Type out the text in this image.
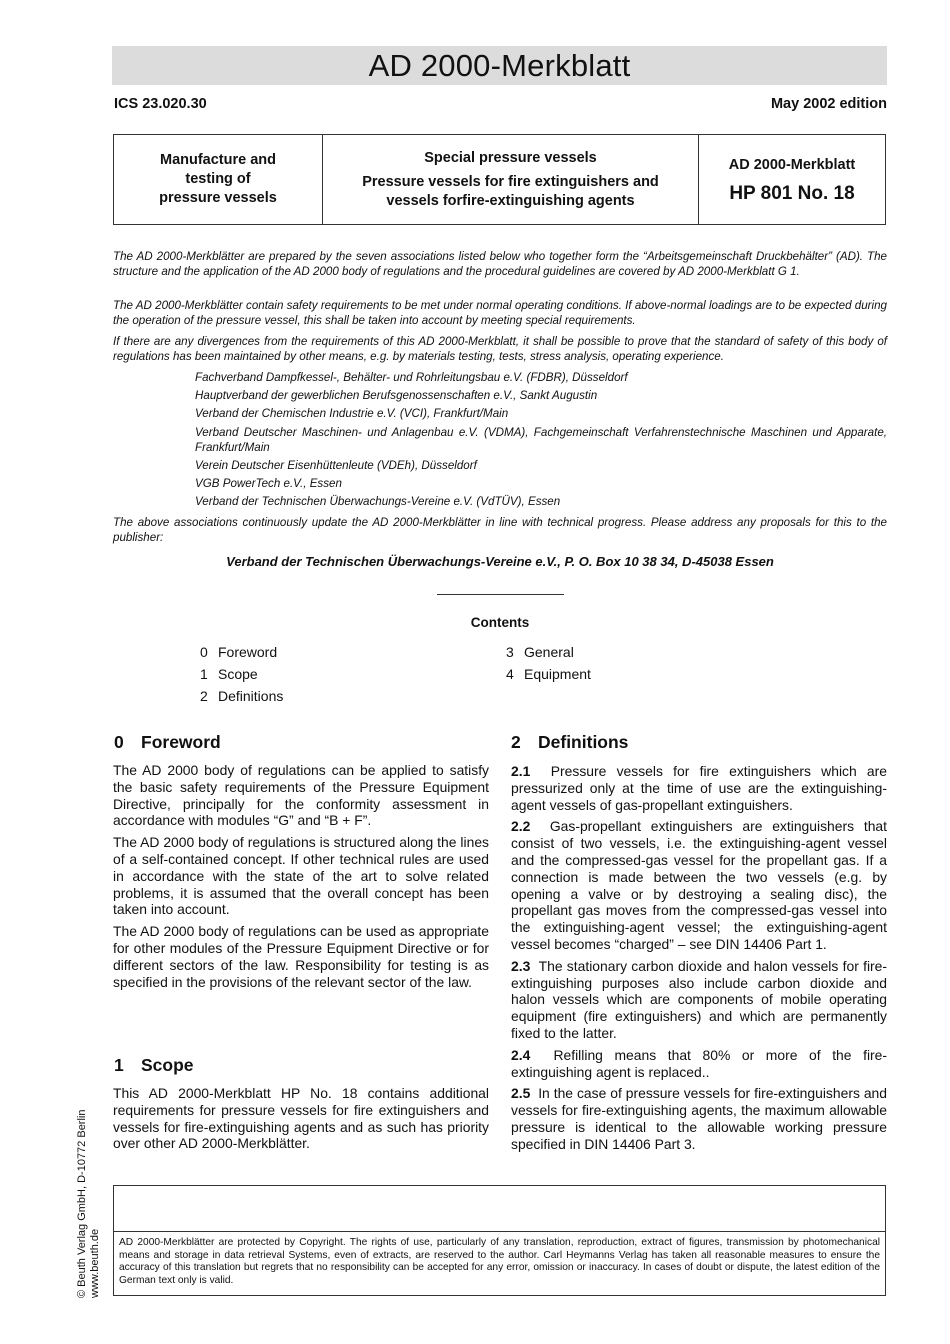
AD 2000-Merkblatt
ICS 23.020.30	May 2002 edition
Manufacture and
testing of
pressure vessels
Special pressure vessels
Pressure vessels for fire extinguishers and
vessels forfire-extinguishing agents
AD 2000-Merkblatt
HP 801 No. 18
The AD 2000-Merkblätter are prepared by the seven associations listed below who together form the “Arbeitsgemeinschaft Druckbehälter” (AD). The structure and the application of the AD 2000 body of regulations and the procedural guidelines are covered by AD 2000-Merkblatt G 1.
The AD 2000-Merkblätter contain safety requirements to be met under normal operating conditions. If above-normal loadings are to be expected during the operation of the pressure vessel, this shall be taken into account by meeting special requirements.
If there are any divergences from the requirements of this AD 2000-Merkblatt, it shall be possible to prove that the standard of safety of this body of regulations has been maintained by other means, e.g. by materials testing, tests, stress analysis, operating experience.
Fachverband Dampfkessel-, Behälter- und Rohrleitungsbau e.V. (FDBR), Düsseldorf
Hauptverband der gewerblichen Berufsgenossenschaften e.V., Sankt Augustin
Verband der Chemischen Industrie e.V. (VCI), Frankfurt/Main
Verband Deutscher Maschinen- und Anlagenbau e.V. (VDMA), Fachgemeinschaft Verfahrenstechnische Maschinen und Apparate, Frankfurt/Main
Verein Deutscher Eisenhüttenleute (VDEh), Düsseldorf
VGB PowerTech e.V., Essen
Verband der Technischen Überwachungs-Vereine e.V. (VdTÜV), Essen
The above associations continuously update the AD 2000-Merkblätter in line with technical progress. Please address any proposals for this to the publisher:
Verband der Technischen Überwachungs-Vereine e.V., P. O. Box 10 38 34, D-45038 Essen
Contents
0 Foreword
1 Scope
2 Definitions
3 General
4 Equipment
0 Foreword

The AD 2000 body of regulations can be applied to satisfy the basic safety requirements of the Pressure Equipment Directive, principally for the conformity assessment in accordance with modules “G” and “B + F”.

The AD 2000 body of regulations is structured along the lines of a self-contained concept. If other technical rules are used in accordance with the state of the art to solve related problems, it is assumed that the overall concept has been taken into account.

The AD 2000 body of regulations can be used as appropriate for other modules of the Pressure Equipment Directive or for different sectors of the law. Responsibility for testing is as specified in the provisions of the relevant sector of the law.

1 Scope

This AD 2000-Merkblatt HP No. 18 contains additional requirements for pressure vessels for fire extinguishers and vessels for fire-extinguishing agents and as such has priority over other AD 2000-Merkblätter.

2 Definitions

2.1 Pressure vessels for fire extinguishers which are pressurized only at the time of use are the extinguishing-agent vessels of gas-propellant extinguishers.

2.2 Gas-propellant extinguishers are extinguishers that consist of two vessels, i.e. the extinguishing-agent vessel and the compressed-gas vessel for the propellant gas. If a connection is made between the two vessels (e.g. by opening a valve or by destroying a sealing disc), the propellant gas moves from the compressed-gas vessel into the extinguishing-agent vessel; the extinguishing-agent vessel becomes “charged” – see DIN 14406 Part 1.

2.3 The stationary carbon dioxide and halon vessels for fire-extinguishing purposes also include carbon dioxide and halon vessels which are components of mobile operating equipment (fire extinguishers) and which are permanently fixed to the latter.

2.4 Refilling means that 80% or more of the fire-extinguishing agent is replaced..

2.5 In the case of pressure vessels for fire-extinguishers and vessels for fire-extinguishing agents, the maximum allowable pressure is identical to the allowable working pressure specified in DIN 14406 Part 3.

© Beuth Verlag GmbH, D-10772 Berlin www.beuth.de	AD 2000-Merkblätter are protected by Copyright. The rights of use, particularly of any translation, reproduction, extract of figures, transmission by photomechanical means and storage in data retrieval Systems, even of extracts, are reserved to the author. Carl Heymanns Verlag has taken all reasonable measures to ensure the accuracy of this translation but regrets that no responsibility can be accepted for any error, omission or inaccuracy. In cases of doubt or dispute, the latest edition of the German text only is valid.
